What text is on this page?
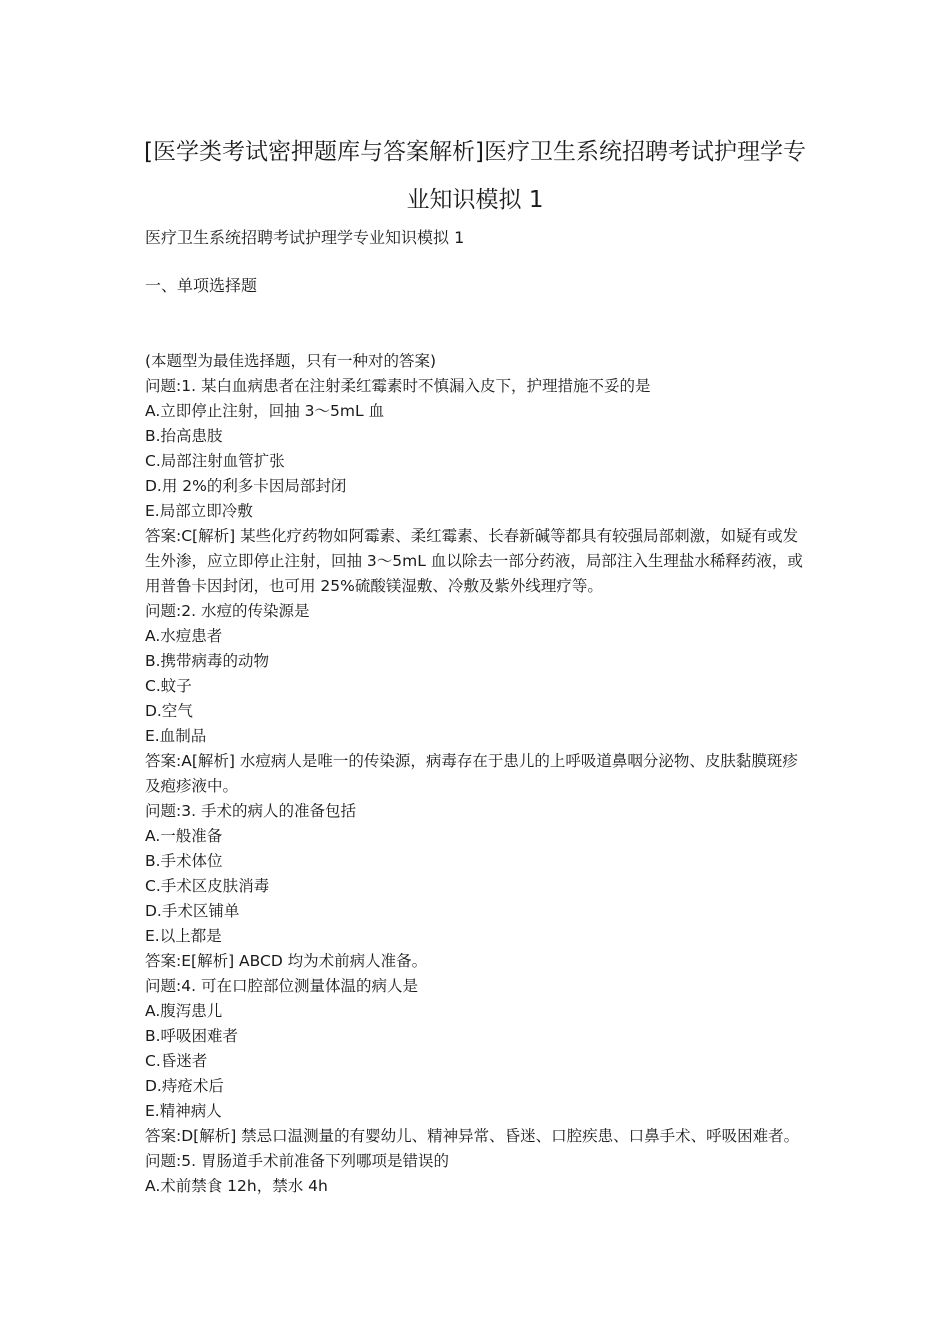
[医学类考试密押题库与答案解析]医疗卫生系统招聘考试护理学专
业知识模拟 1

医疗卫生系统招聘考试护理学专业知识模拟 1

一、单项选择题

(本题型为最佳选择题，只有一种对的答案)

问题:1. 某白血病患者在注射柔红霉素时不慎漏入皮下，护理措施不妥的是

A.立即停止注射，回抽 3～5mL 血

B.抬高患肢

C.局部注射血管扩张

D.用 2%的利多卡因局部封闭

E.局部立即冷敷

答案:C[解析] 某些化疗药物如阿霉素、柔红霉素、长春新碱等都具有较强局部刺激，如疑有或发生外渗，应立即停止注射，回抽 3～5mL 血以除去一部分药液，局部注入生理盐水稀释药液，或用普鲁卡因封闭，也可用 25%硫酸镁湿敷、冷敷及紫外线理疗等。

问题:2. 水痘的传染源是

A.水痘患者

B.携带病毒的动物

C.蚊子

D.空气

E.血制品

答案:A[解析] 水痘病人是唯一的传染源，病毒存在于患儿的上呼吸道鼻咽分泌物、皮肤黏膜斑疹及疱疹液中。

问题:3. 手术的病人的准备包括

A.一般准备

B.手术体位

C.手术区皮肤消毒

D.手术区铺单

E.以上都是

答案:E[解析] ABCD 均为术前病人准备。

问题:4. 可在口腔部位测量体温的病人是

A.腹泻患儿

B.呼吸困难者

C.昏迷者

D.痔疮术后

E.精神病人

答案:D[解析] 禁忌口温测量的有婴幼儿、精神异常、昏迷、口腔疾患、口鼻手术、呼吸困难者。

问题:5. 胃肠道手术前准备下列哪项是错误的

A.术前禁食 12h，禁水 4h
